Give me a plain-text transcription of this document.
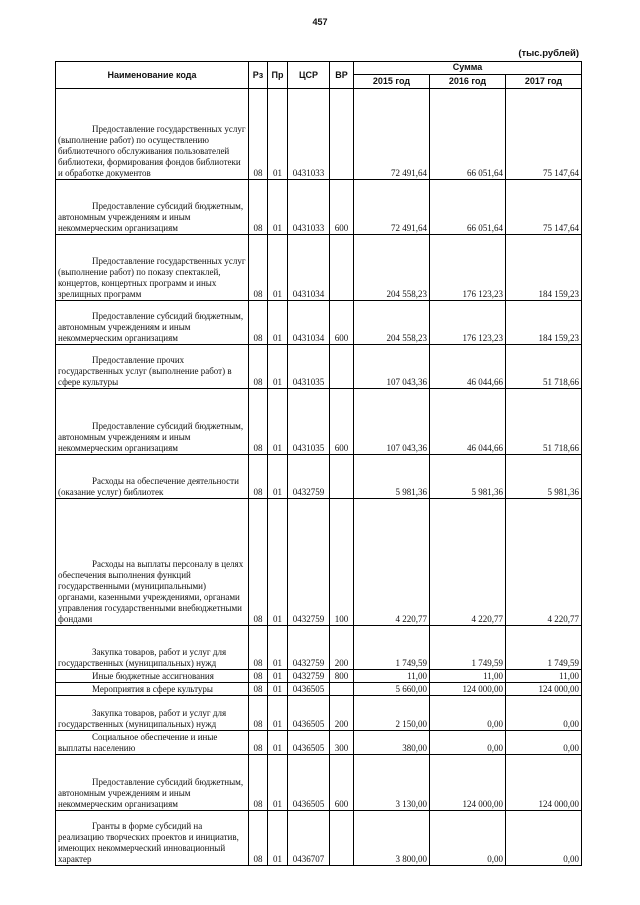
457
(тыс.рублей)
Наименование кода	Рз	Пр	ЦСР	ВР	Сумма		
					2015 год	2016 год	2017 год
Предоставление государственных услуг (выполнение работ) по осуществлению библиотечного обслуживания пользователей библиотеки, формирования фондов библиотеки и обработке документов	08	01	0431033		72 491,64	66 051,64	75 147,64
Предоставление субсидий бюджетным, автономным учреждениям и иным некоммерческим организациям	08	01	0431033	600	72 491,64	66 051,64	75 147,64
Предоставление государственных услуг (выполнение работ) по показу спектаклей, концертов, концертных программ и иных зрелищных программ	08	01	0431034		204 558,23	176 123,23	184 159,23
Предоставление субсидий бюджетным, автономным учреждениям и иным некоммерческим организациям	08	01	0431034	600	204 558,23	176 123,23	184 159,23
Предоставление прочих государственных услуг (выполнение работ) в сфере культуры	08	01	0431035		107 043,36	46 044,66	51 718,66
Предоставление субсидий бюджетным, автономным учреждениям и иным некоммерческим организациям	08	01	0431035	600	107 043,36	46 044,66	51 718,66
Расходы на обеспечение деятельности (оказание услуг) библиотек	08	01	0432759		5 981,36	5 981,36	5 981,36
Расходы на выплаты персоналу в целях обеспечения выполнения функций государственными (муниципальными) органами, казенными учреждениями, органами управления государственными внебюджетными фондами	08	01	0432759	100	4 220,77	4 220,77	4 220,77
Закупка товаров, работ и услуг для государственных (муниципальных) нужд	08	01	0432759	200	1 749,59	1 749,59	1 749,59
Иные бюджетные ассигнования	08	01	0432759	800	11,00	11,00	11,00
Мероприятия в сфере культуры	08	01	0436505		5 660,00	124 000,00	124 000,00
Закупка товаров, работ и услуг для государственных (муниципальных) нужд	08	01	0436505	200	2 150,00	0,00	0,00
Социальное обеспечение и иные выплаты населению	08	01	0436505	300	380,00	0,00	0,00
Предоставление субсидий бюджетным, автономным учреждениям и иным некоммерческим организациям	08	01	0436505	600	3 130,00	124 000,00	124 000,00
Гранты в форме субсидий на реализацию творческих проектов и инициатив, имеющих некоммерческий инновационный характер	08	01	0436707		3 800,00	0,00	0,00
